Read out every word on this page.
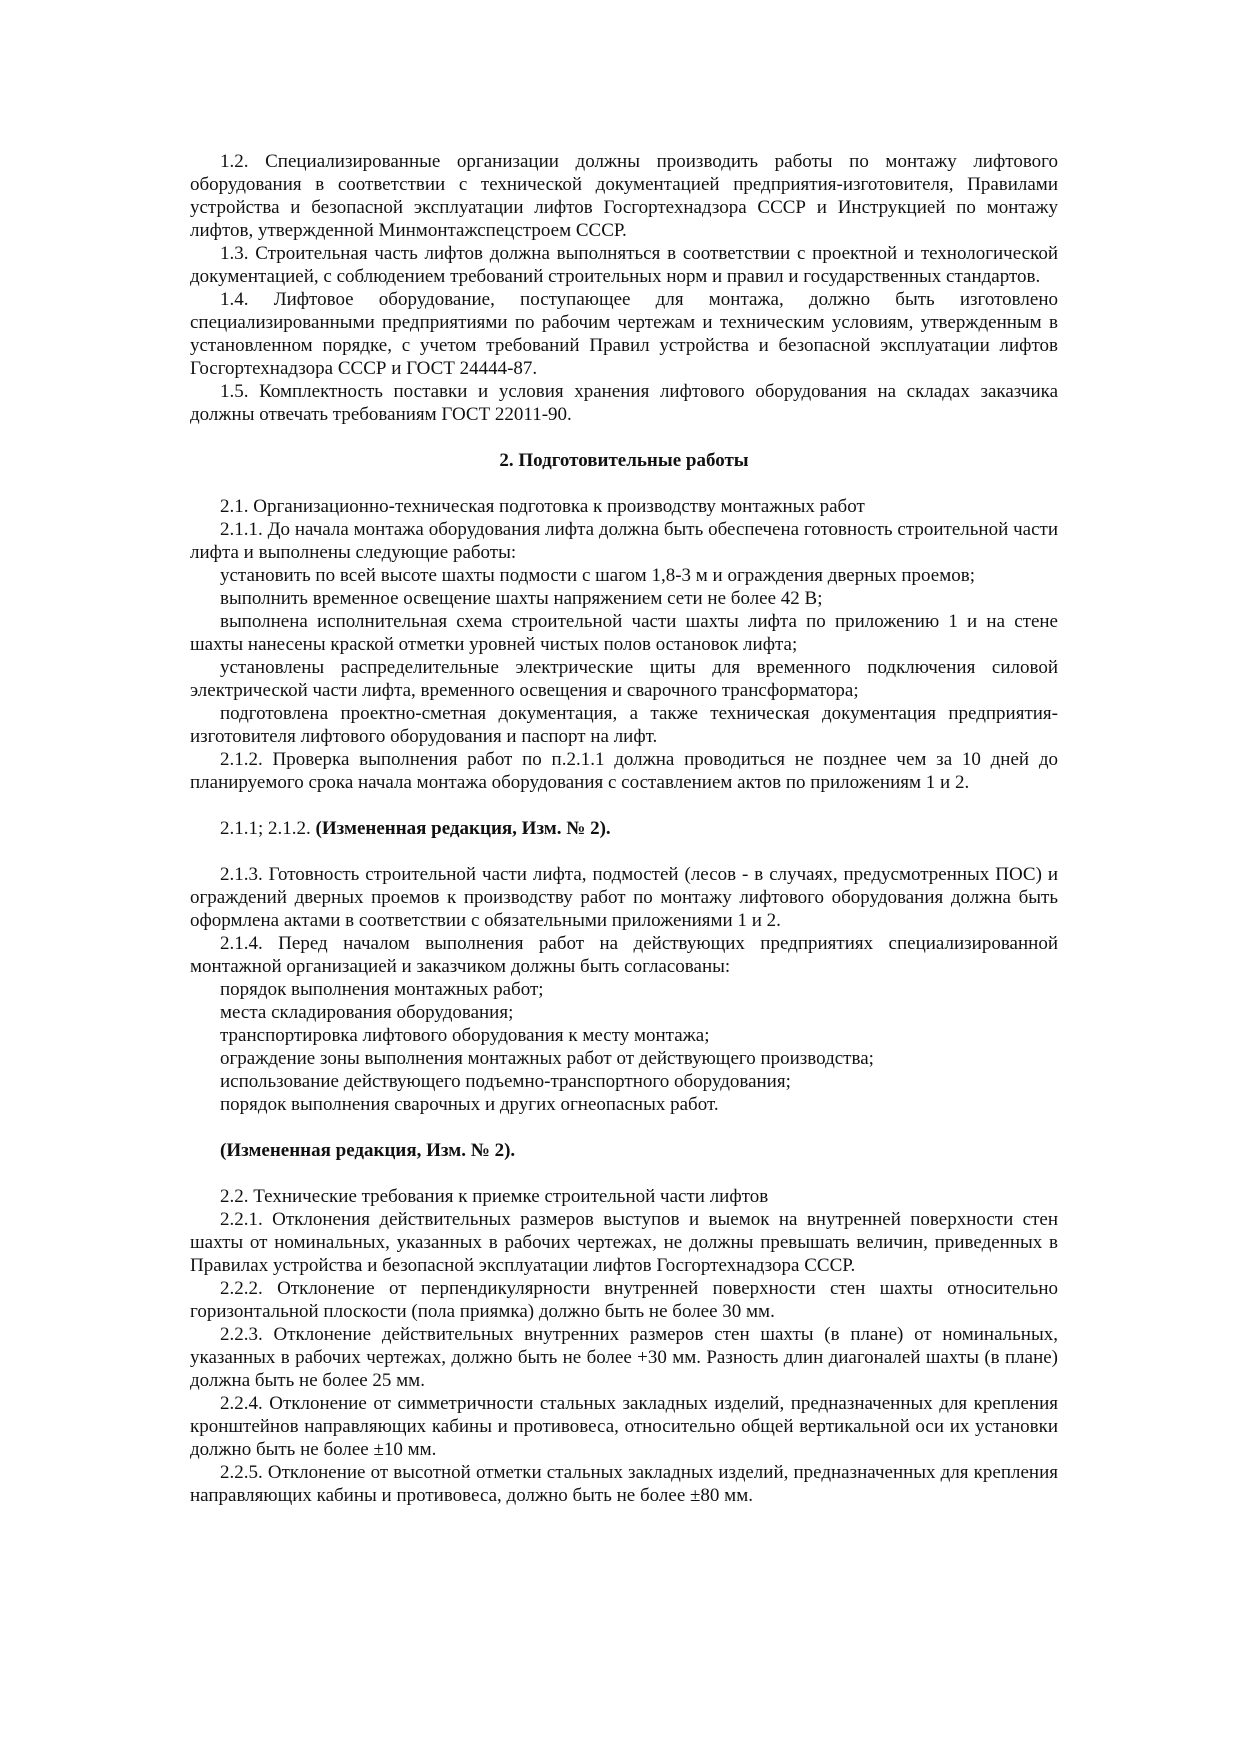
1.2. Специализированные организации должны производить работы по монтажу лифтового оборудования в соответствии с технической документацией предприятия-изготовителя, Правилами устройства и безопасной эксплуатации лифтов Госгортехнадзора СССР и Инструкцией по монтажу лифтов, утвержденной Минмонтажспецстроем СССР.

1.3. Строительная часть лифтов должна выполняться в соответствии с проектной и технологической документацией, с соблюдением требований строительных норм и правил и государственных стандартов.

1.4. Лифтовое оборудование, поступающее для монтажа, должно быть изготовлено специализированными предприятиями по рабочим чертежам и техническим условиям, утвержденным в установленном порядке, с учетом требований Правил устройства и безопасной эксплуатации лифтов Госгортехнадзора СССР и ГОСТ 24444-87.

1.5. Комплектность поставки и условия хранения лифтового оборудования на складах заказчика должны отвечать требованиям ГОСТ 22011-90.

2. Подготовительные работы

2.1. Организационно-техническая подготовка к производству монтажных работ

2.1.1. До начала монтажа оборудования лифта должна быть обеспечена готовность строительной части лифта и выполнены следующие работы:

установить по всей высоте шахты подмости с шагом 1,8-3 м и ограждения дверных проемов;

выполнить временное освещение шахты напряжением сети не более 42 В;

выполнена исполнительная схема строительной части шахты лифта по приложению 1 и на стене шахты нанесены краской отметки уровней чистых полов остановок лифта;

установлены распределительные электрические щиты для временного подключения силовой электрической части лифта, временного освещения и сварочного трансформатора;

подготовлена проектно-сметная документация, а также техническая документация предприятия-изготовителя лифтового оборудования и паспорт на лифт.

2.1.2. Проверка выполнения работ по п.2.1.1 должна проводиться не позднее чем за 10 дней до планируемого срока начала монтажа оборудования с составлением актов по приложениям 1 и 2.

2.1.1; 2.1.2. (Измененная редакция, Изм. № 2).

2.1.3. Готовность строительной части лифта, подмостей (лесов - в случаях, предусмотренных ПОС) и ограждений дверных проемов к производству работ по монтажу лифтового оборудования должна быть оформлена актами в соответствии с обязательными приложениями 1 и 2.

2.1.4. Перед началом выполнения работ на действующих предприятиях специализированной монтажной организацией и заказчиком должны быть согласованы:

порядок выполнения монтажных работ;

места складирования оборудования;

транспортировка лифтового оборудования к месту монтажа;

ограждение зоны выполнения монтажных работ от действующего производства;

использование действующего подъемно-транспортного оборудования;

порядок выполнения сварочных и других огнеопасных работ.

(Измененная редакция, Изм. № 2).

2.2. Технические требования к приемке строительной части лифтов

2.2.1. Отклонения действительных размеров выступов и выемок на внутренней поверхности стен шахты от номинальных, указанных в рабочих чертежах, не должны превышать величин, приведенных в Правилах устройства и безопасной эксплуатации лифтов Госгортехнадзора СССР.

2.2.2. Отклонение от перпендикулярности внутренней поверхности стен шахты относительно горизонтальной плоскости (пола приямка) должно быть не более 30 мм.

2.2.3. Отклонение действительных внутренних размеров стен шахты (в плане) от номинальных, указанных в рабочих чертежах, должно быть не более +30 мм. Разность длин диагоналей шахты (в плане) должна быть не более 25 мм.

2.2.4. Отклонение от симметричности стальных закладных изделий, предназначенных для крепления кронштейнов направляющих кабины и противовеса, относительно общей вертикальной оси их установки должно быть не более ±10 мм.

2.2.5. Отклонение от высотной отметки стальных закладных изделий, предназначенных для крепления направляющих кабины и противовеса, должно быть не более ±80 мм.
